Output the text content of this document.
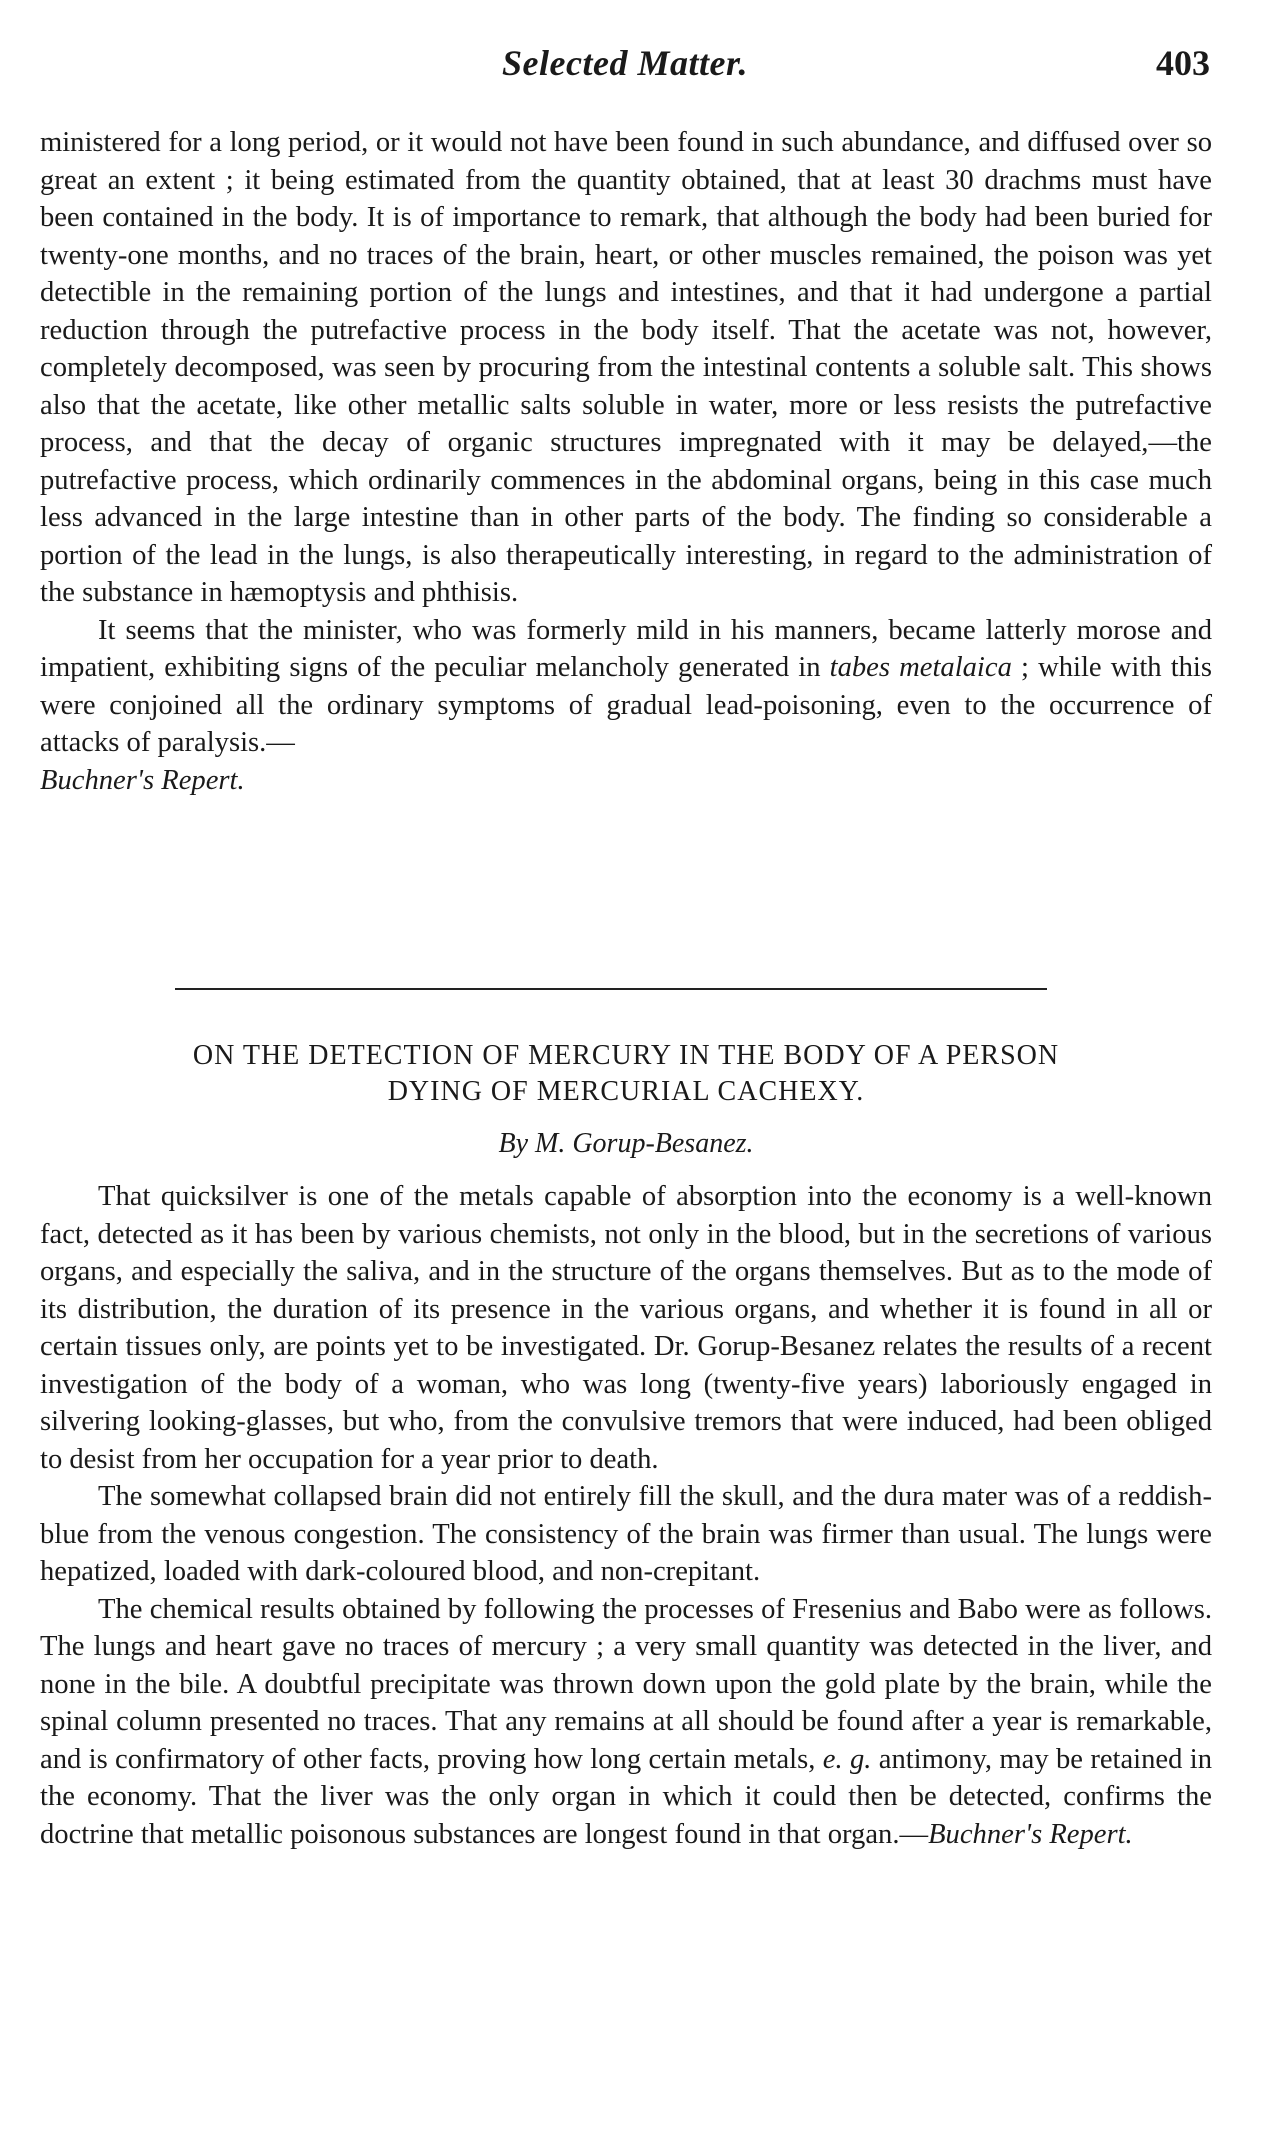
Selected Matter.	403

ministered for a long period, or it would not have been found in such abundance, and diffused over so great an extent ; it being estimated from the quantity obtained, that at least 30 drachms must have been contained in the body. It is of importance to remark, that although the body had been buried for twenty-one months, and no traces of the brain, heart, or other muscles remained, the poison was yet detectible in the remaining portion of the lungs and intestines, and that it had undergone a partial reduction through the putrefactive process in the body itself. That the acetate was not, however, completely decomposed, was seen by procuring from the intestinal contents a soluble salt. This shows also that the acetate, like other metallic salts soluble in water, more or less resists the putrefactive process, and that the decay of organic structures impregnated with it may be delayed,—the putrefactive process, which ordinarily commences in the abdominal organs, being in this case much less advanced in the large intestine than in other parts of the body. The finding so considerable a portion of the lead in the lungs, is also therapeutically interesting, in regard to the administration of the substance in hæmoptysis and phthisis.

It seems that the minister, who was formerly mild in his manners, became latterly morose and impatient, exhibiting signs of the peculiar melancholy generated in tabes metalaica ; while with this were conjoined all the ordinary symptoms of gradual lead-poisoning, even to the occurrence of attacks of paralysis.—

Buchner's Repert.

ON THE DETECTION OF MERCURY IN THE BODY OF A PERSON
DYING OF MERCURIAL CACHEXY.
By M. Gorup-Besanez.

That quicksilver is one of the metals capable of absorption into the economy is a well-known fact, detected as it has been by various chemists, not only in the blood, but in the secretions of various organs, and especially the saliva, and in the structure of the organs themselves. But as to the mode of its distribution, the duration of its presence in the various organs, and whether it is found in all or certain tissues only, are points yet to be investigated. Dr. Gorup-Besanez relates the results of a recent investigation of the body of a woman, who was long (twenty-five years) laboriously engaged in silvering looking-glasses, but who, from the convulsive tremors that were induced, had been obliged to desist from her occupation for a year prior to death.

The somewhat collapsed brain did not entirely fill the skull, and the dura mater was of a reddish-blue from the venous congestion. The consistency of the brain was firmer than usual. The lungs were hepatized, loaded with dark-coloured blood, and non-crepitant.

The chemical results obtained by following the processes of Fresenius and Babo were as follows. The lungs and heart gave no traces of mercury ; a very small quantity was detected in the liver, and none in the bile. A doubtful precipitate was thrown down upon the gold plate by the brain, while the spinal column presented no traces. That any remains at all should be found after a year is remarkable, and is confirmatory of other facts, proving how long certain metals, e. g. antimony, may be retained in the economy. That the liver was the only organ in which it could then be detected, confirms the doctrine that metallic poisonous substances are longest found in that organ.—Buchner's Repert.
